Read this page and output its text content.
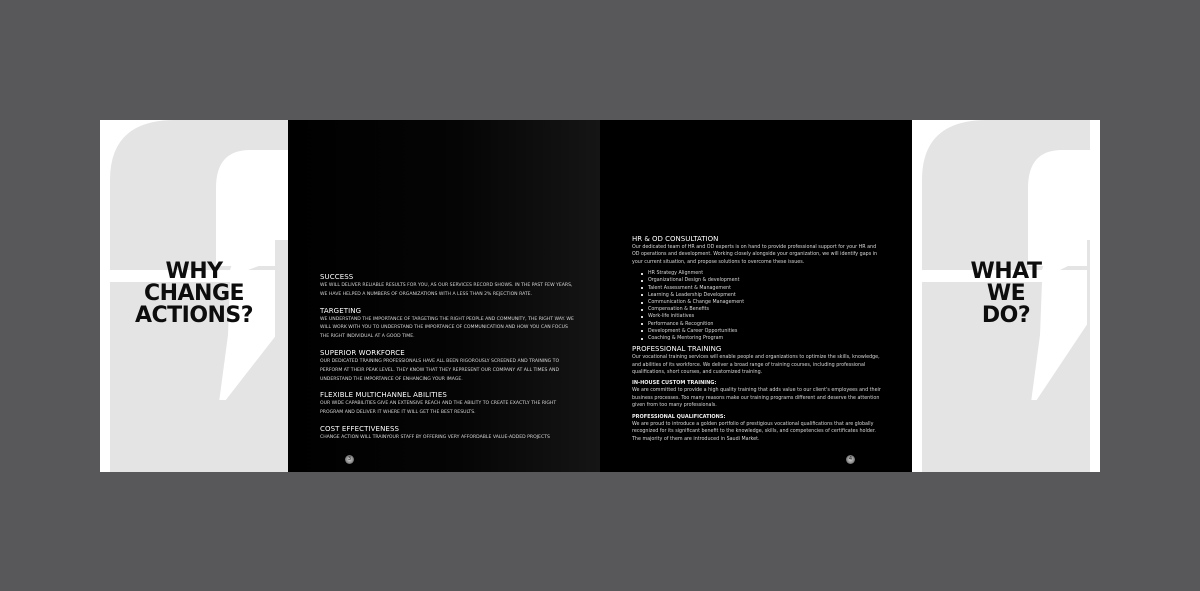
WHY
CHANGE
ACTIONS?
SUCCESS

WE WILL DELIVER RELIABLE RESULTS FOR YOU, AS OUR SERVICES RECORD SHOWS. IN THE PAST FEW YEARS, WE HAVE HELPED A NUMBERS OF ORGANIZATIONS WITH A LESS THAN 2% REJECTION RATE.

TARGETING

WE UNDERSTAND THE IMPORTANCE OF TARGETING THE RIGHT PEOPLE AND COMMUNITY, THE RIGHT WAY. WE WILL WORK WITH YOU TO UNDERSTAND THE IMPORTANCE OF COMMUNICATION AND HOW YOU CAN FOCUS THE RIGHT INDIVIDUAL AT A GOOD TIME.

SUPERIOR WORKFORCE

OUR DEDICATED TRAINING PROFESSIONALS HAVE ALL BEEN RIGOROUSLY SCREENED AND TRAINING TO PERFORM AT THEIR PEAK LEVEL. THEY KNOW THAT THEY REPRESENT OUR COMPANY AT ALL TIMES AND UNDERSTAND THE IMPORTANCE OF ENHANCING YOUR IMAGE.

FLEXIBLE MULTICHANNEL ABILITIES

OUR WIDE CAPABILITIES GIVE AN EXTENSIVE REACH AND THE ABILITY TO CREATE EXACTLY THE RIGHT PROGRAM AND DELIVER IT WHERE IT WILL GET THE BEST RESULTS.

COST EFFECTIVENESS

CHANGE ACTION WILL TRAINYOUR STAFF BY OFFERING VERY AFFORDABLE VALUE-ADDED PROJECTS

3
HR & OD CONSULTATION

Our dedicated team of HR and OD experts is on hand to provide professional support for your HR and OD operations and development. Working closely alongside your organization, we will identify gaps in your current situation, and propose solutions to overcome these issues.

HR Strategy Alignment
Organizational Design & development
Talent Assessment & Management
Learning & Leadership Development
Communication & Change Management
Compensation & Benefits
Work-life initiatives
Performance & Recognition
Development & Career Opportunities
Coaching & Mentoring Program
PROFESSIONAL TRAINING

Our vocational training services will enable people and organizations to optimize the skills, knowledge, and abilities of its workforce. We deliver a broad range of training courses, including professional qualifications, short courses, and customized training.

IN-HOUSE CUSTOM TRAINING:

We are committed to provide a high quality training that adds value to our client's employees and their business processes. Too many reasons make our training programs different and deserve the attention given from too many professionals.

PROFESSIONAL QUALIFICATIONS:

We are proud to introduce a golden portfolio of prestigious vocational qualifications that are globally recognized for its significant benefit to the knowledge, skills, and competencies of certificates holder. The majority of them are introduced in Saudi Market.

4
WHAT
WE
DO?
